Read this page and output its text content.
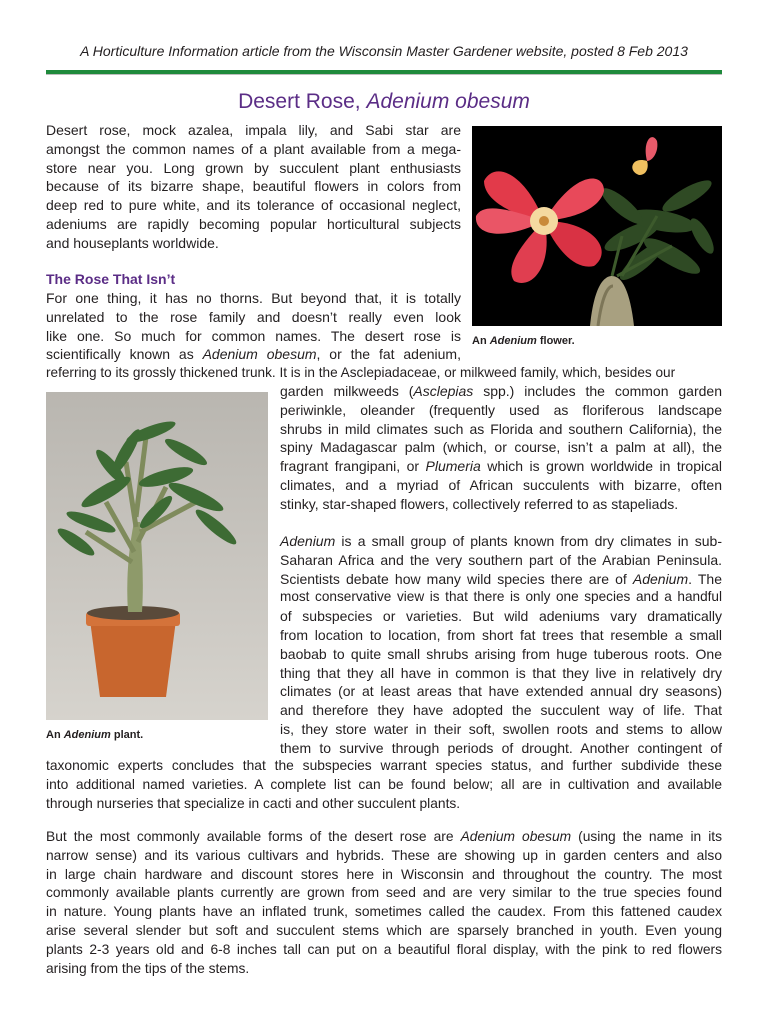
A Horticulture Information article from the Wisconsin Master Gardener website, posted 8 Feb 2013
Desert Rose, Adenium obesum
Desert rose, mock azalea, impala lily, and Sabi star are
amongst the common names of a plant available from a mega-
store near you. Long grown by succulent plant enthusiasts
because of its bizarre shape, beautiful flowers in colors from
deep red to pure white, and its tolerance of occasional neglect,
adeniums are rapidly becoming popular horticultural subjects
and houseplants worldwide.
An Adenium flower.
The Rose That Isn’t
For one thing, it has no thorns. But beyond that, it is totally
unrelated to the rose family and doesn’t really even look
like one. So much for common names. The desert rose is
scientifically known as Adenium obesum, or the fat adenium,
referring to its grossly thickened trunk. It is in the Asclepiadaceae, or milkweed family, which, besides our
An Adenium plant.
garden milkweeds (Asclepias spp.) includes the common garden
periwinkle, oleander (frequently used as floriferous landscape
shrubs in mild climates such as Florida and southern California), the
spiny Madagascar palm (which, or course, isn’t a palm at all), the
fragrant frangipani, or Plumeria which is grown worldwide in tropical
climates, and a myriad of African succulents with bizarre, often
stinky, star-shaped flowers, collectively referred to as stapeliads.
Adenium is a small group of plants known from dry climates in sub-
Saharan Africa and the very southern part of the Arabian Peninsula.
Scientists debate how many wild species there are of Adenium. The
most conservative view is that there is only one species and a handful
of subspecies or varieties. But wild adeniums vary dramatically
from location to location, from short fat trees that resemble a small
baobab to quite small shrubs arising from huge tuberous roots. One
thing that they all have in common is that they live in relatively dry
climates (or at least areas that have extended annual dry seasons)
and therefore they have adopted the succulent way of life. That
is, they store water in their soft, swollen roots and stems to allow
them to survive through periods of drought. Another contingent of
taxonomic experts concludes that the subspecies warrant species status, and further subdivide these
into additional named varieties. A complete list can be found below; all are in cultivation and available
through nurseries that specialize in cacti and other succulent plants.
But the most commonly available forms of the desert rose are Adenium obesum (using the name in its
narrow sense) and its various cultivars and hybrids. These are showing up in garden centers and also
in large chain hardware and discount stores here in Wisconsin and throughout the country. The most
commonly available plants currently are grown from seed and are very similar to the true species found
in nature. Young plants have an inflated trunk, sometimes called the caudex. From this fattened caudex
arise several slender but soft and succulent stems which are sparsely branched in youth. Even young
plants 2-3 years old and 6-8 inches tall can put on a beautiful floral display, with the pink to red flowers
arising from the tips of the stems.
